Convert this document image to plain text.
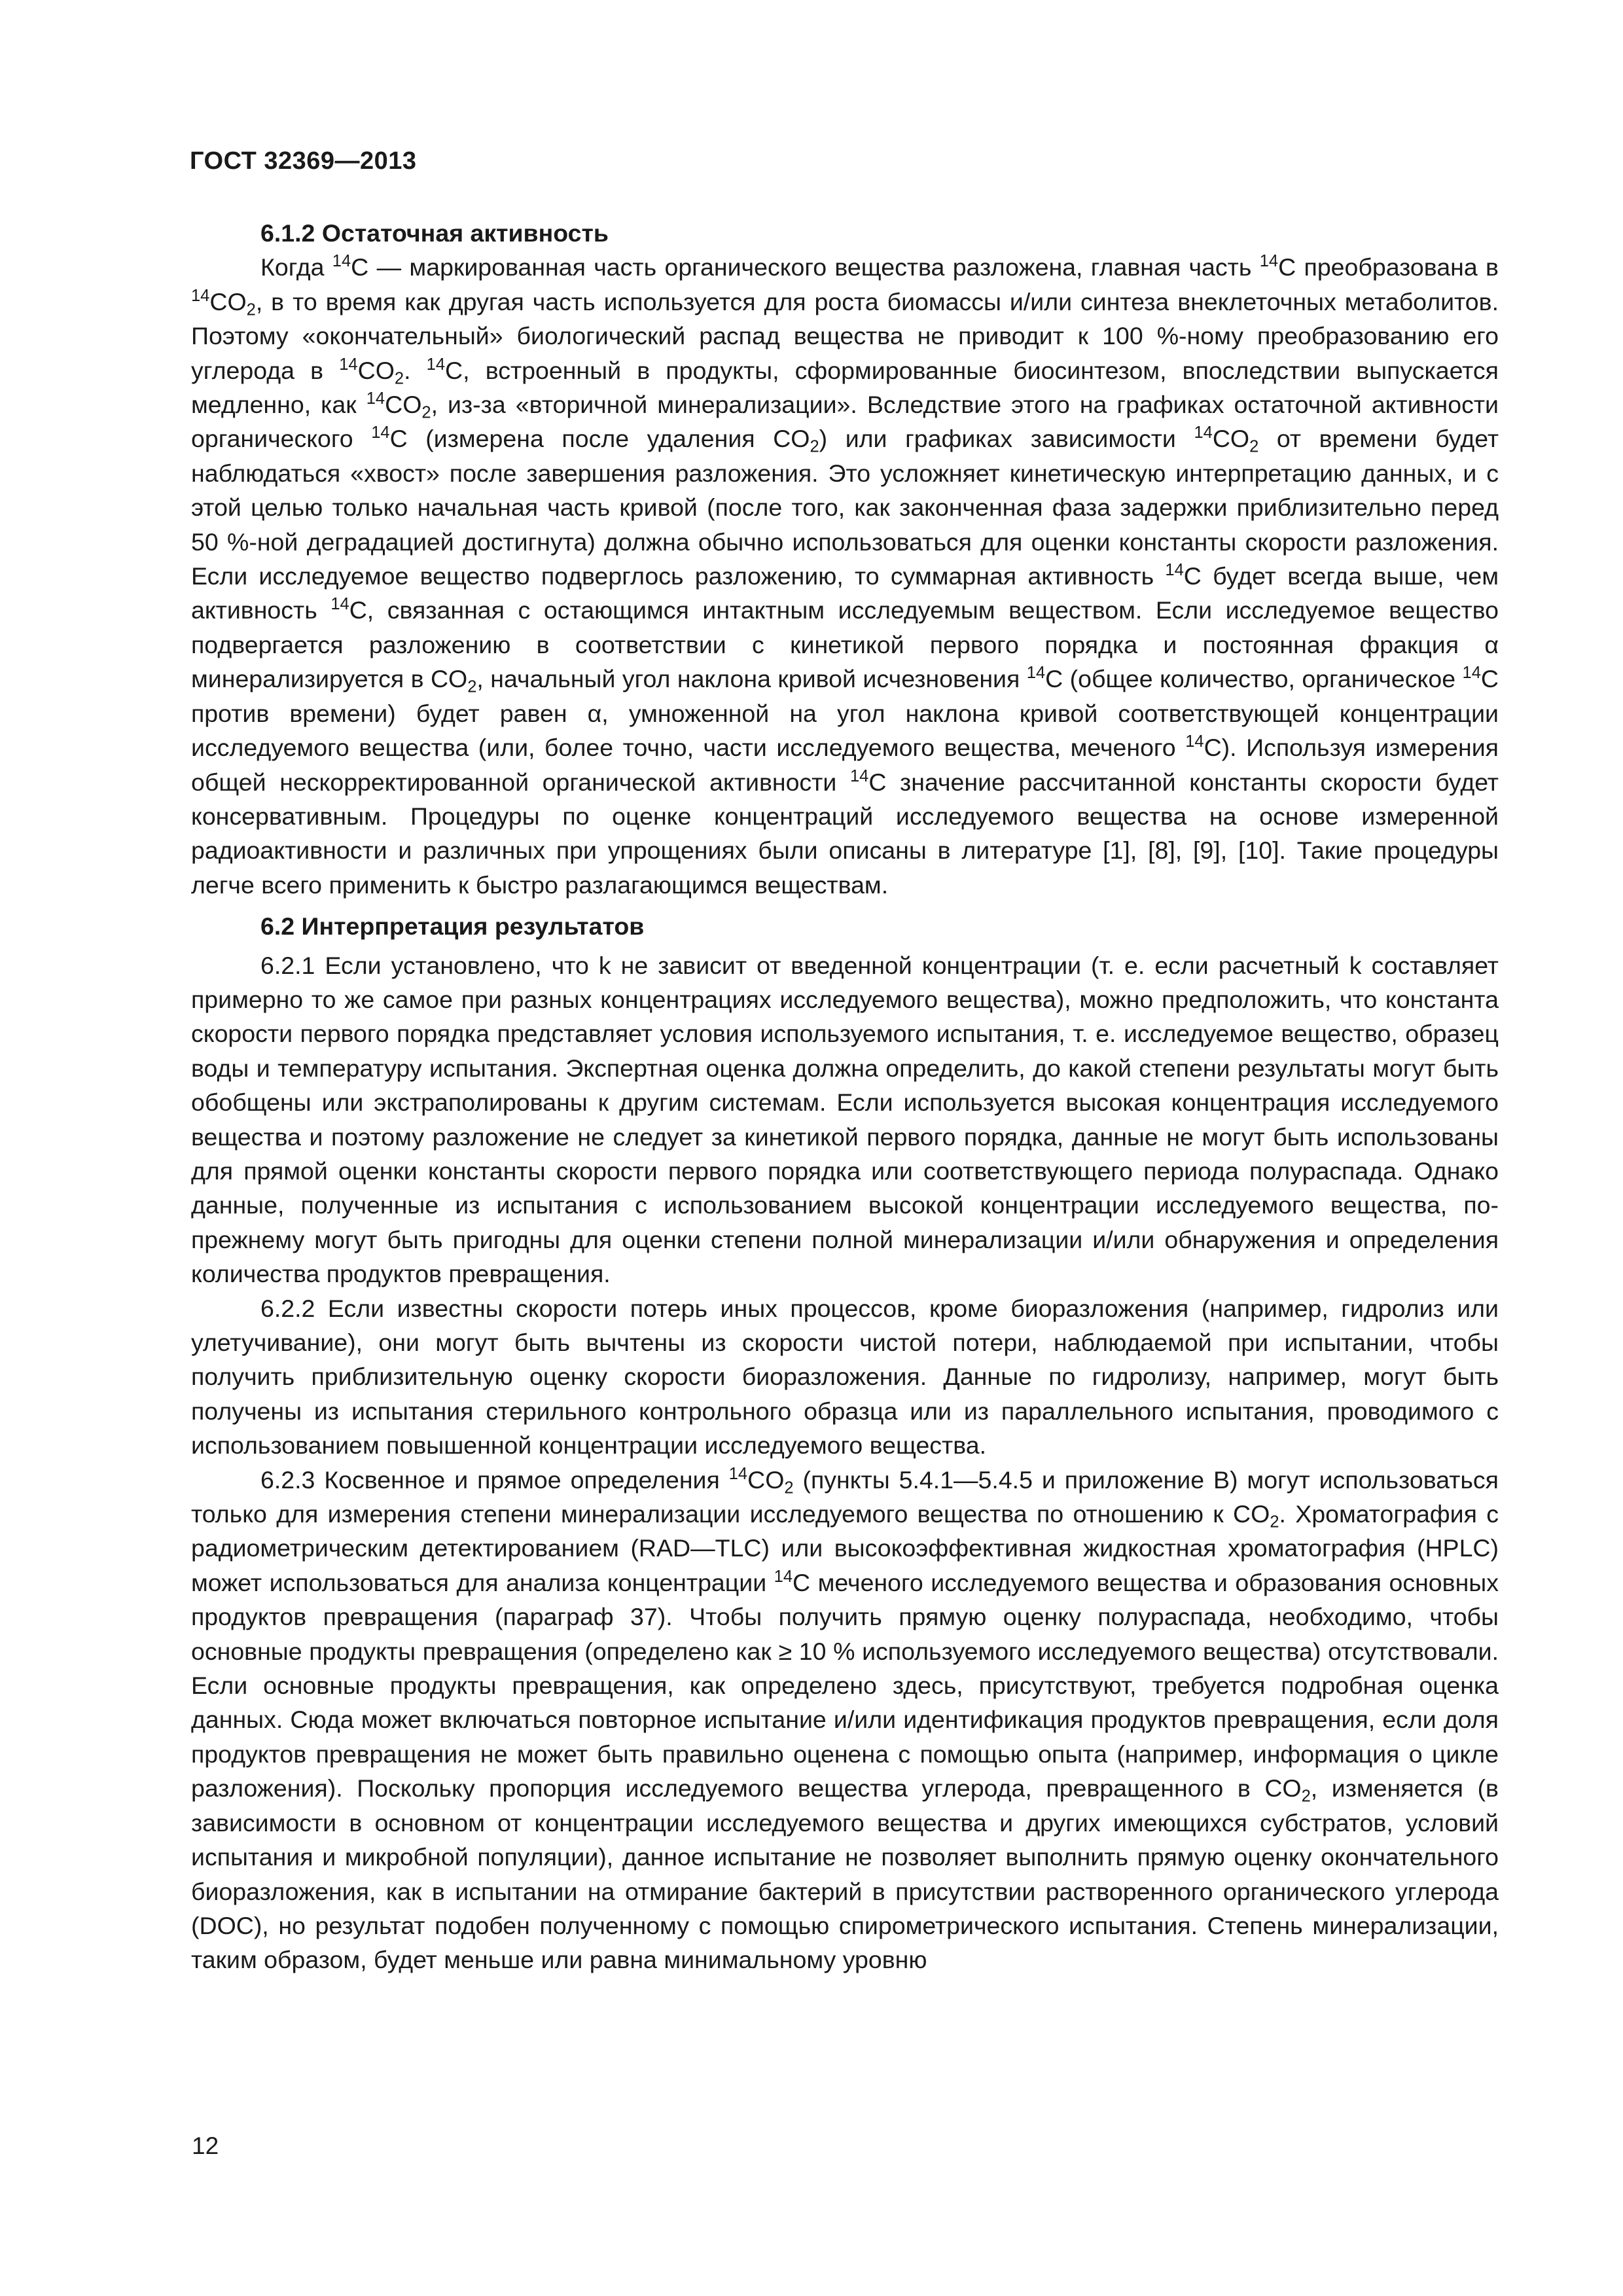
ГОСТ 32369—2013
6.1.2 Остаточная активность

Когда $^{14}$C — маркированная часть органического вещества разложена, главная часть $^{14}$C преобразована в $^{14}CO_2$, в то время как другая часть используется для роста биомассы и/или синтеза внеклеточных метаболитов. Поэтому «окончательный» биологический распад вещества не приводит к 100 %-ному преобразованию его углерода в $^{14}CO_2$. $^{14}$C, встроенный в продукты, сформированные биосинтезом, впоследствии выпускается медленно, как $^{14}CO_2$, из-за «вторичной минерализации». Вследствие этого на графиках остаточной активности органического $^{14}$C (измерена после удаления $CO_2$) или графиках зависимости $^{14}CO_2$ от времени будет наблюдаться «хвост» после завершения разложения. Это усложняет кинетическую интерпретацию данных, и с этой целью только начальная часть кривой (после того, как законченная фаза задержки приблизительно перед 50 %-ной деградацией достигнута) должна обычно использоваться для оценки константы скорости разложения. Если исследуемое вещество подверглось разложению, то суммарная активность $^{14}$C будет всегда выше, чем активность $^{14}$C, связанная с остающимся интактным исследуемым веществом. Если исследуемое вещество подвергается разложению в соответствии с кинетикой первого порядка и постоянная фракция α минерализируется в $CO_2$, начальный угол наклона кривой исчезновения $^{14}$C (общее количество, органическое $^{14}$C против времени) будет равен α, умноженной на угол наклона кривой соответствующей концентрации исследуемого вещества (или, более точно, части исследуемого вещества, меченого $^{14}$C). Используя измерения общей нескорректированной органической активности $^{14}$C значение рассчитанной константы скорости будет консервативным. Процедуры по оценке концентраций исследуемого вещества на основе измеренной радиоактивности и различных при упрощениях были описаны в литературе [1], [8], [9], [10]. Такие процедуры легче всего применить к быстро разлагающимся веществам.

6.2 Интерпретация результатов

6.2.1 Если установлено, что k не зависит от введенной концентрации (т. е. если расчетный k составляет примерно то же самое при разных концентрациях исследуемого вещества), можно предположить, что константа скорости первого порядка представляет условия используемого испытания, т. е. исследуемое вещество, образец воды и температуру испытания. Экспертная оценка должна определить, до какой степени результаты могут быть обобщены или экстраполированы к другим системам. Если используется высокая концентрация исследуемого вещества и поэтому разложение не следует за кинетикой первого порядка, данные не могут быть использованы для прямой оценки константы скорости первого порядка или соответствующего периода полураспада. Однако данные, полученные из испытания с использованием высокой концентрации исследуемого вещества, по-прежнему могут быть пригодны для оценки степени полной минерализации и/или обнаружения и определения количества продуктов превращения.

6.2.2 Если известны скорости потерь иных процессов, кроме биоразложения (например, гидролиз или улетучивание), они могут быть вычтены из скорости чистой потери, наблюдаемой при испытании, чтобы получить приблизительную оценку скорости биоразложения. Данные по гидролизу, например, могут быть получены из испытания стерильного контрольного образца или из параллельного испытания, проводимого с использованием повышенной концентрации исследуемого вещества.

6.2.3 Косвенное и прямое определения $^{14}CO_2$ (пункты 5.4.1—5.4.5 и приложение В) могут использоваться только для измерения степени минерализации исследуемого вещества по отношению к $CO_2$. Хроматография с радиометрическим детектированием (RAD—TLC) или высокоэффективная жидкостная хроматография (HPLC) может использоваться для анализа концентрации $^{14}$C меченого исследуемого вещества и образования основных продуктов превращения (параграф 37). Чтобы получить прямую оценку полураспада, необходимо, чтобы основные продукты превращения (определено как ≥ 10 % используемого исследуемого вещества) отсутствовали. Если основные продукты превращения, как определено здесь, присутствуют, требуется подробная оценка данных. Сюда может включаться повторное испытание и/или идентификация продуктов превращения, если доля продуктов превращения не может быть правильно оценена с помощью опыта (например, информация о цикле разложения). Поскольку пропорция исследуемого вещества углерода, превращенного в $CO_2$, изменяется (в зависимости в основном от концентрации исследуемого вещества и других имеющихся субстратов, условий испытания и микробной популяции), данное испытание не позволяет выполнить прямую оценку окончательного биоразложения, как в испытании на отмирание бактерий в присутствии растворенного органического углерода (DOC), но результат подобен полученному с помощью спирометрического испытания. Степень минерализации, таким образом, будет меньше или равна минимальному уровню

12
